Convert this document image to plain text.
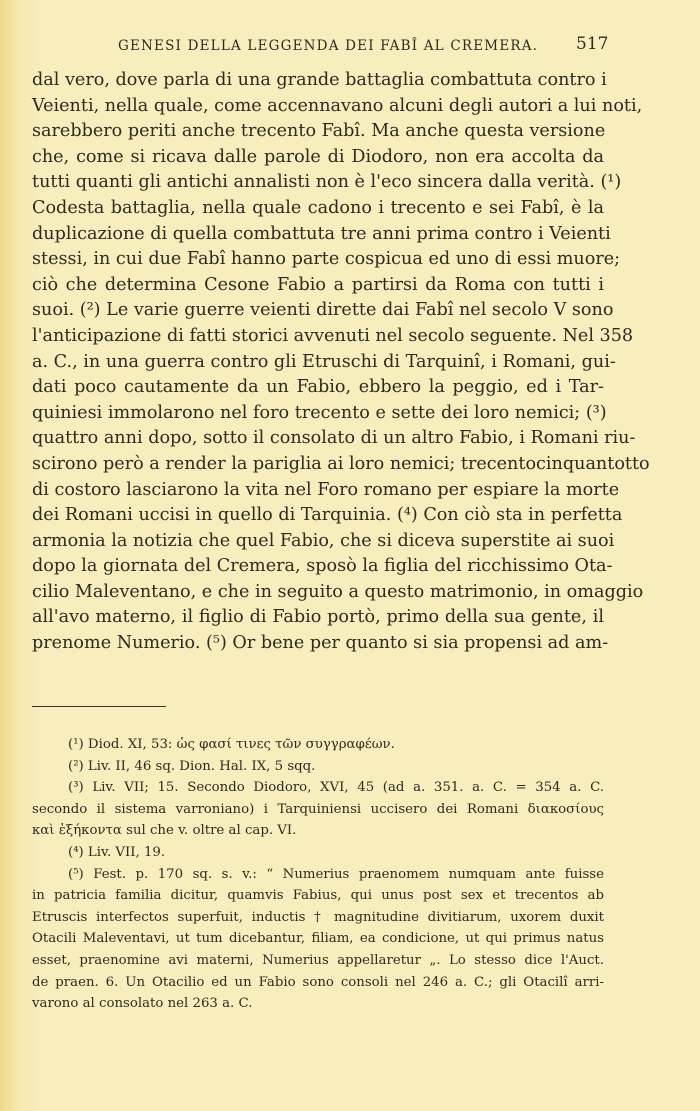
GENESI DELLA LEGGENDA DEI FABÎ AL CREMERA.	517
dal vero, dove parla di una grande battaglia combattuta contro i
Veienti, nella quale, come accennavano alcuni degli autori a lui noti,
sarebbero periti anche trecento Fabî. Ma anche questa versione
che, come si ricava dalle parole di Diodoro, non era accolta da
tutti quanti gli antichi annalisti non è l'eco sincera dalla verità. (¹)
Codesta battaglia, nella quale cadono i trecento e sei Fabî, è la
duplicazione di quella combattuta tre anni prima contro i Veienti
stessi, in cui due Fabî hanno parte cospicua ed uno di essi muore;
ciò che determina Cesone Fabio a partirsi da Roma con tutti i
suoi. (²) Le varie guerre veienti dirette dai Fabî nel secolo V sono
l'anticipazione di fatti storici avvenuti nel secolo seguente. Nel 358
a. C., in una guerra contro gli Etruschi di Tarquinî, i Romani, gui-
dati poco cautamente da un Fabio, ebbero la peggio, ed i Tar-
quiniesi immolarono nel foro trecento e sette dei loro nemici; (³)
quattro anni dopo, sotto il consolato di un altro Fabio, i Romani riu-
scirono però a render la pariglia ai loro nemici; trecentocinquantotto
di costoro lasciarono la vita nel Foro romano per espiare la morte
dei Romani uccisi in quello di Tarquinia. (⁴) Con ciò sta in perfetta
armonia la notizia che quel Fabio, che si diceva superstite ai suoi
dopo la giornata del Cremera, sposò la figlia del ricchissimo Ota-
cilio Maleventano, e che in seguito a questo matrimonio, in omaggio
all'avo materno, il figlio di Fabio portò, primo della sua gente, il
prenome Numerio. (⁵) Or bene per quanto si sia propensi ad am-
(¹) Diod. XI, 53: ὡς φασί τινες τῶν συγγραφέων.
(²) Liv. II, 46 sq. Dion. Hal. IX, 5 sqq.
(³) Liv. VII; 15. Secondo Diodoro, XVI, 45 (ad a. 351. a. C. = 354 a. C.
secondo il sistema varroniano) i Tarquiniensi uccisero dei Romani διακοσίους
καὶ ἑξήκοντα sul che v. oltre al cap. VI.
(⁴) Liv. VII, 19.
(⁵) Fest. p. 170 sq. s. v.: “ Numerius praenomem numquam ante fuisse
in patricia familia dicitur, quamvis Fabius, qui unus post sex et trecentos ab
Etruscis interfectos superfuit, inductis † magnitudine divitiarum, uxorem duxit
Otacili Maleventavi, ut tum dicebantur, filiam, ea condicione, ut qui primus natus
esset, praenomine avi materni, Numerius appellaretur „. Lo stesso dice l'Auct.
de praen. 6. Un Otacilio ed un Fabio sono consoli nel 246 a. C.; gli Otacilî arri-
varono al consolato nel 263 a. C.
